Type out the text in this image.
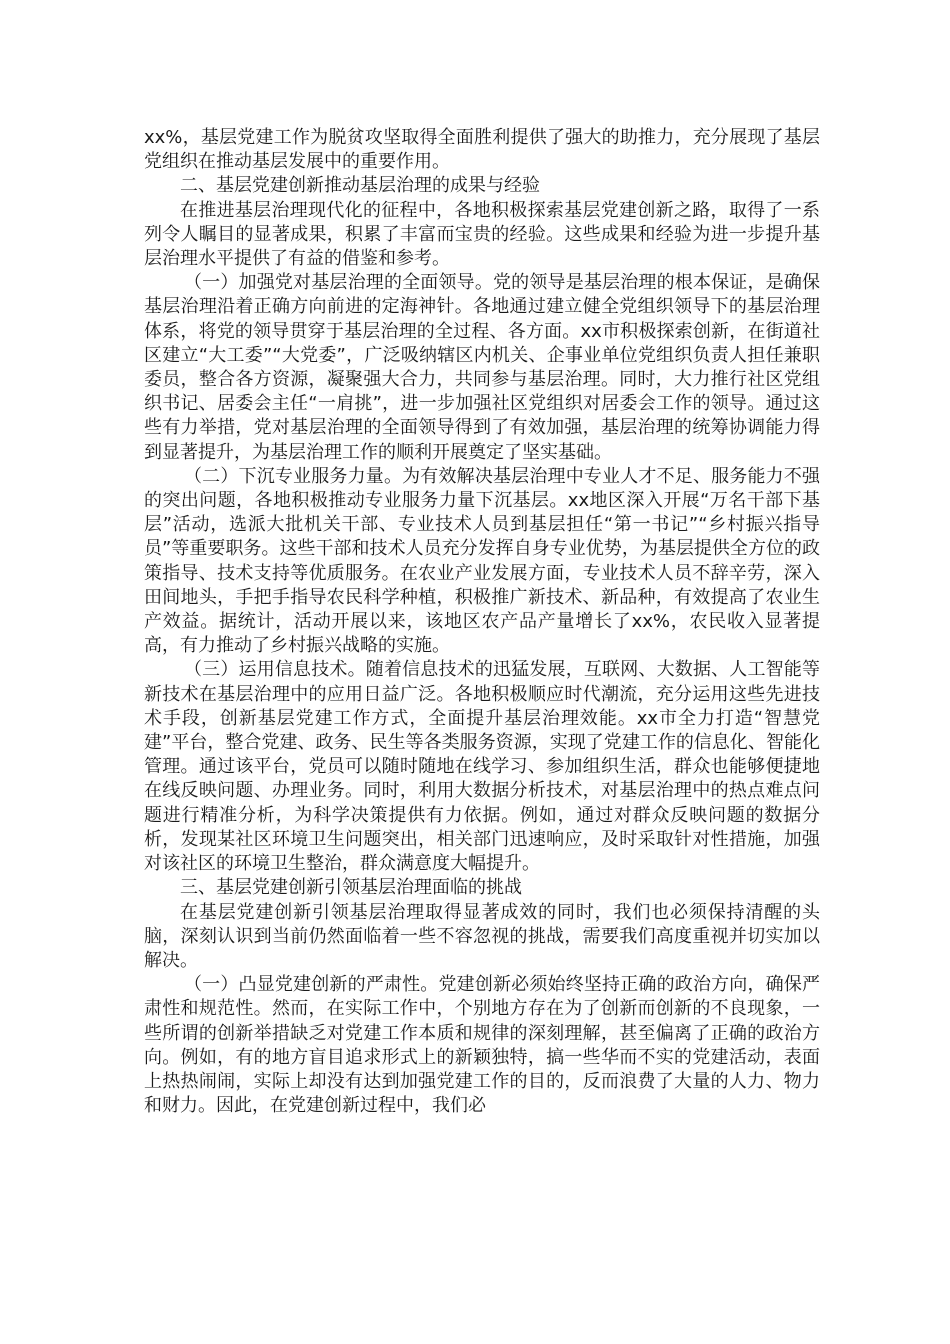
xx%，基层党建工作为脱贫攻坚取得全面胜利提供了强大的助推力，充分展现了基层党组织在推动基层发展中的重要作用。

二、基层党建创新推动基层治理的成果与经验

在推进基层治理现代化的征程中，各地积极探索基层党建创新之路，取得了一系列令人瞩目的显著成果，积累了丰富而宝贵的经验。这些成果和经验为进一步提升基层治理水平提供了有益的借鉴和参考。

（一）加强党对基层治理的全面领导。党的领导是基层治理的根本保证，是确保基层治理沿着正确方向前进的定海神针。各地通过建立健全党组织领导下的基层治理体系，将党的领导贯穿于基层治理的全过程、各方面。xx市积极探索创新，在街道社区建立“大工委”“大党委”，广泛吸纳辖区内机关、企事业单位党组织负责人担任兼职委员，整合各方资源，凝聚强大合力，共同参与基层治理。同时，大力推行社区党组织书记、居委会主任“一肩挑”，进一步加强社区党组织对居委会工作的领导。通过这些有力举措，党对基层治理的全面领导得到了有效加强，基层治理的统筹协调能力得到显著提升，为基层治理工作的顺利开展奠定了坚实基础。

（二）下沉专业服务力量。为有效解决基层治理中专业人才不足、服务能力不强的突出问题，各地积极推动专业服务力量下沉基层。xx地区深入开展“万名干部下基层”活动，选派大批机关干部、专业技术人员到基层担任“第一书记”“乡村振兴指导员”等重要职务。这些干部和技术人员充分发挥自身专业优势，为基层提供全方位的政策指导、技术支持等优质服务。在农业产业发展方面，专业技术人员不辞辛劳，深入田间地头，手把手指导农民科学种植，积极推广新技术、新品种，有效提高了农业生产效益。据统计，活动开展以来，该地区农产品产量增长了xx%，农民收入显著提高，有力推动了乡村振兴战略的实施。

（三）运用信息技术。随着信息技术的迅猛发展，互联网、大数据、人工智能等新技术在基层治理中的应用日益广泛。各地积极顺应时代潮流，充分运用这些先进技术手段，创新基层党建工作方式，全面提升基层治理效能。xx市全力打造“智慧党建”平台，整合党建、政务、民生等各类服务资源，实现了党建工作的信息化、智能化管理。通过该平台，党员可以随时随地在线学习、参加组织生活，群众也能够便捷地在线反映问题、办理业务。同时，利用大数据分析技术，对基层治理中的热点难点问题进行精准分析，为科学决策提供有力依据。例如，通过对群众反映问题的数据分析，发现某社区环境卫生问题突出，相关部门迅速响应，及时采取针对性措施，加强对该社区的环境卫生整治，群众满意度大幅提升。

三、基层党建创新引领基层治理面临的挑战

在基层党建创新引领基层治理取得显著成效的同时，我们也必须保持清醒的头脑，深刻认识到当前仍然面临着一些不容忽视的挑战，需要我们高度重视并切实加以解决。

（一）凸显党建创新的严肃性。党建创新必须始终坚持正确的政治方向，确保严肃性和规范性。然而，在实际工作中，个别地方存在为了创新而创新的不良现象，一些所谓的创新举措缺乏对党建工作本质和规律的深刻理解，甚至偏离了正确的政治方向。例如，有的地方盲目追求形式上的新颖独特，搞一些华而不实的党建活动，表面上热热闹闹，实际上却没有达到加强党建工作的目的，反而浪费了大量的人力、物力和财力。因此，在党建创新过程中，我们必
